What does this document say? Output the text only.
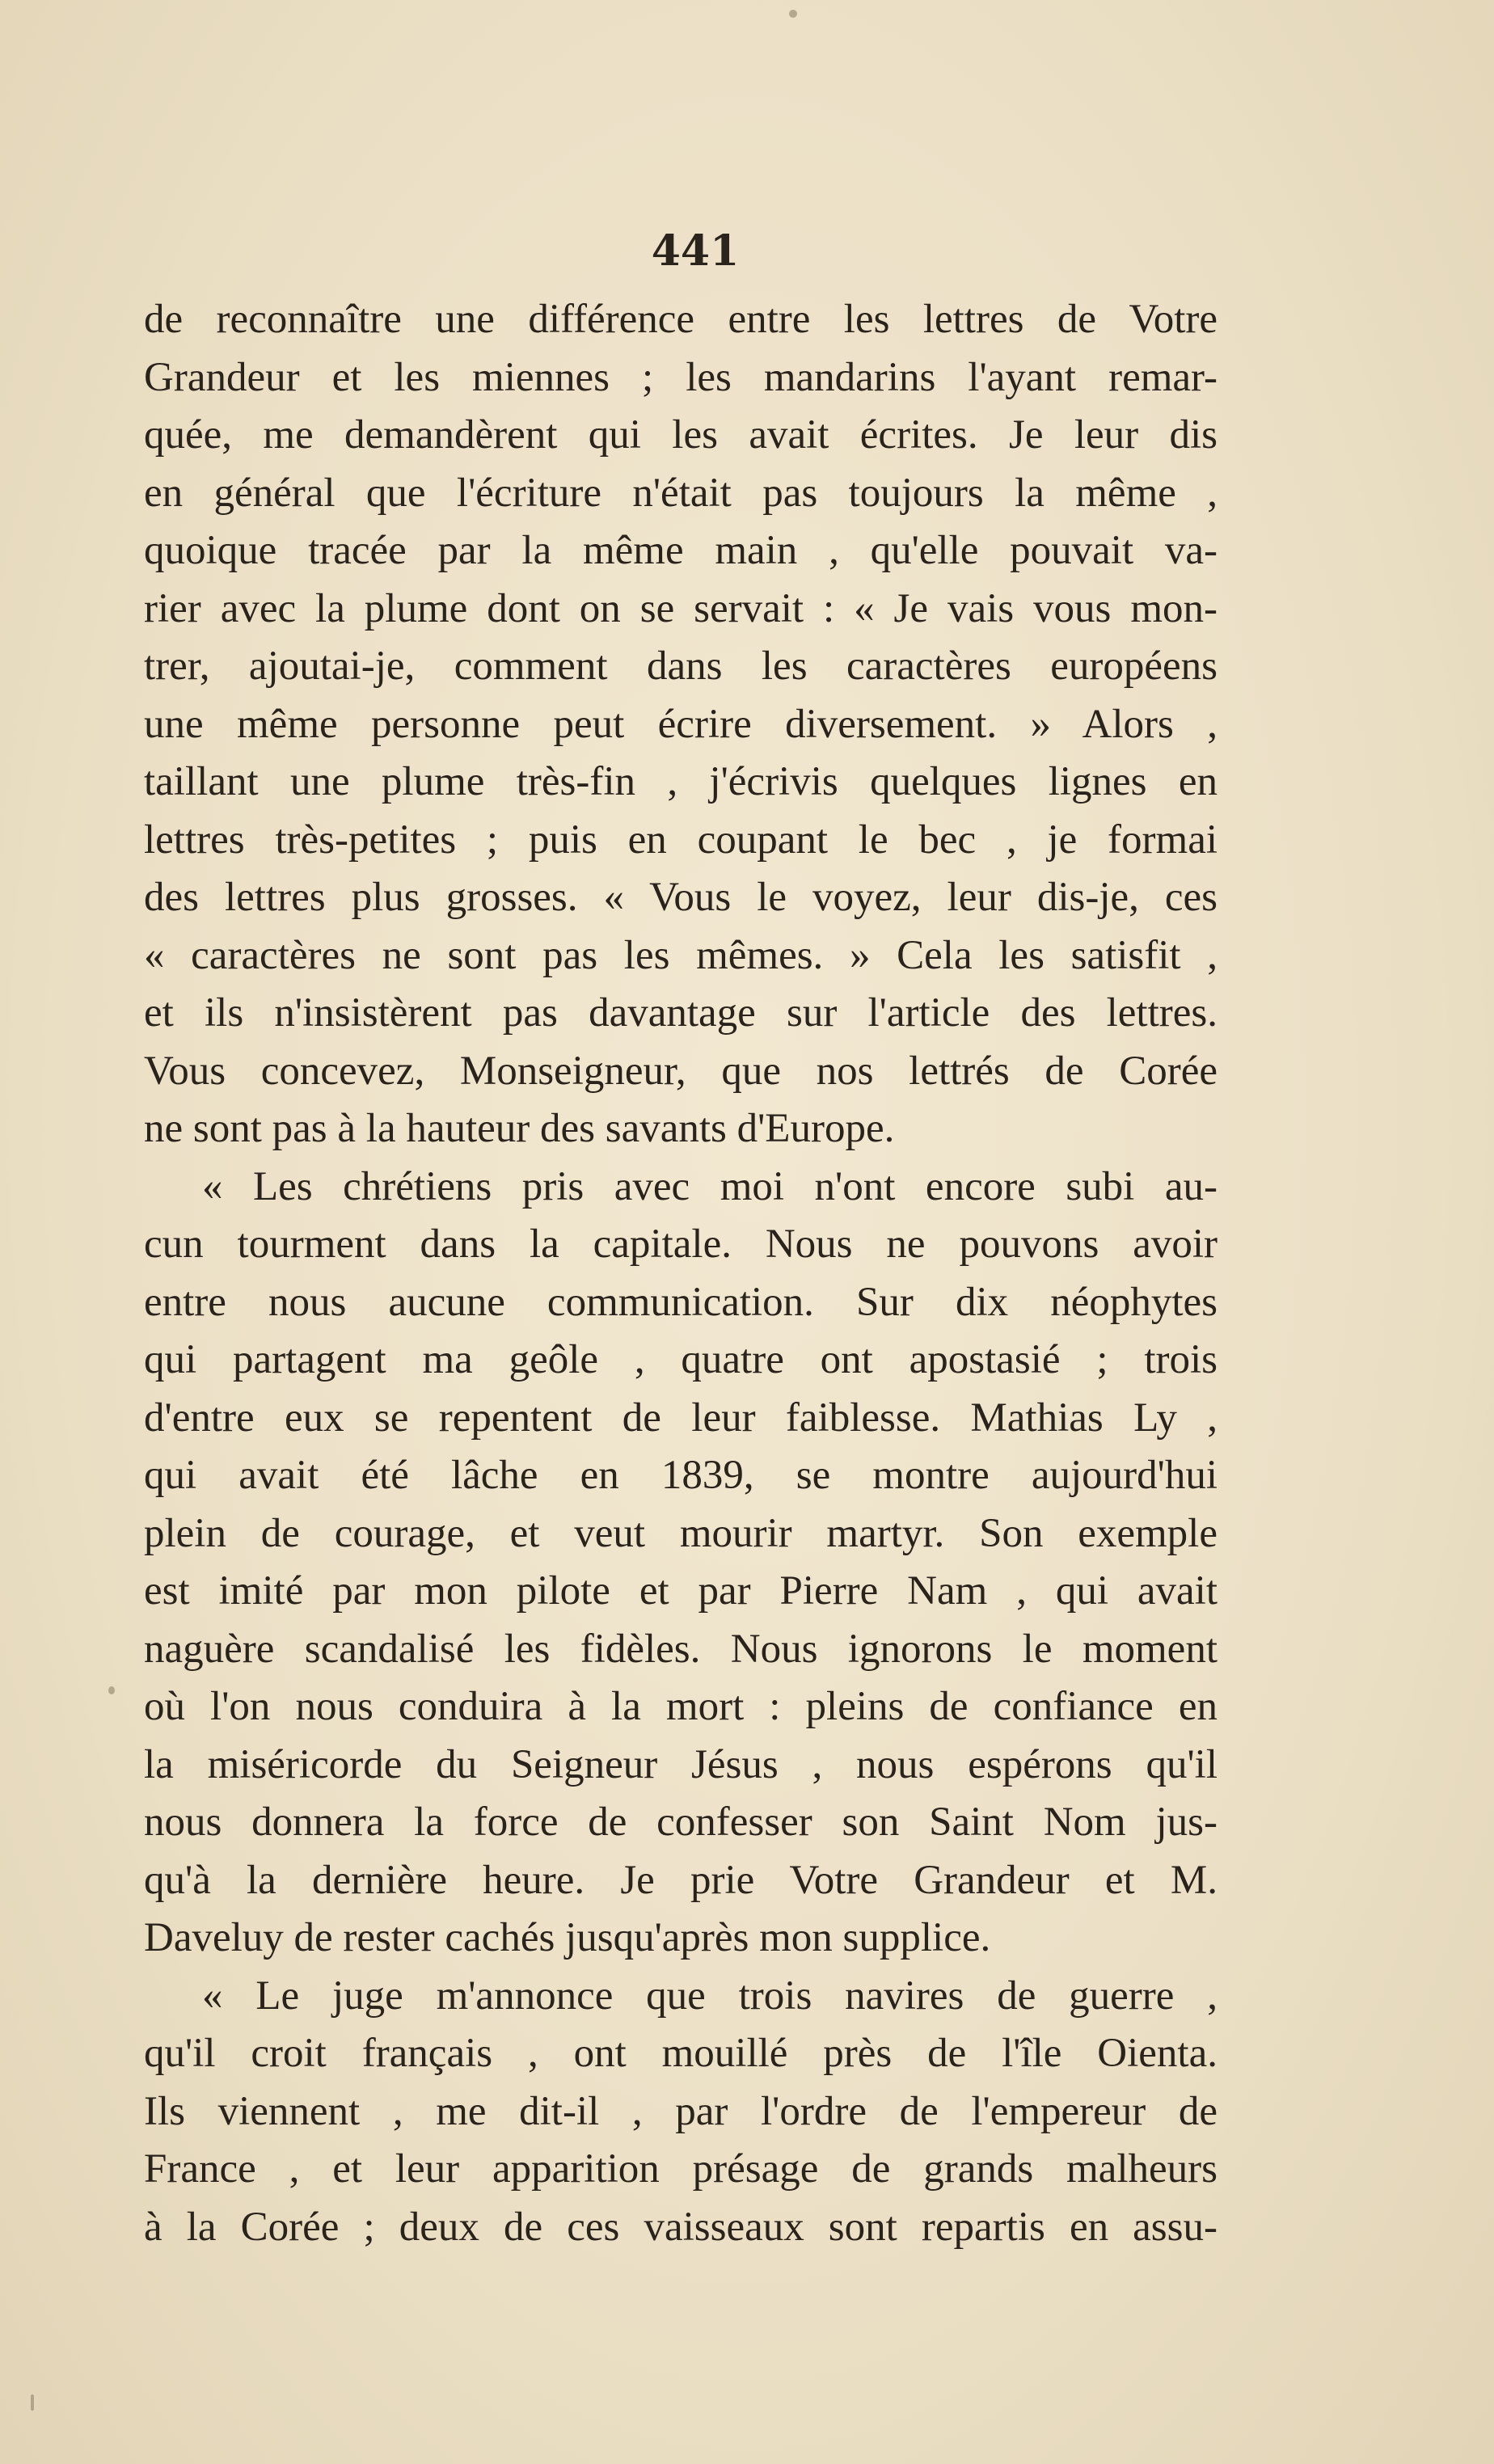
441
de reconnaître une différence entre les lettres de Votre
Grandeur et les miennes ; les mandarins l'ayant remar-
quée, me demandèrent qui les avait écrites. Je leur dis
en général que l'écriture n'était pas toujours la même ,
quoique tracée par la même main , qu'elle pouvait va-
rier avec la plume dont on se servait : « Je vais vous mon-
trer, ajoutai-je, comment dans les caractères européens
une même personne peut écrire diversement. » Alors ,
taillant une plume très-fin , j'écrivis quelques lignes en
lettres très-petites ; puis en coupant le bec , je formai
des lettres plus grosses. « Vous le voyez, leur dis-je, ces
« caractères ne sont pas les mêmes. » Cela les satisfit ,
et ils n'insistèrent pas davantage sur l'article des lettres.
Vous concevez, Monseigneur, que nos lettrés de Corée
ne sont pas à la hauteur des savants d'Europe.
« Les chrétiens pris avec moi n'ont encore subi au-
cun tourment dans la capitale. Nous ne pouvons avoir
entre nous aucune communication. Sur dix néophytes
qui partagent ma geôle , quatre ont apostasié ; trois
d'entre eux se repentent de leur faiblesse. Mathias Ly ,
qui avait été lâche en 1839, se montre aujourd'hui
plein de courage, et veut mourir martyr. Son exemple
est imité par mon pilote et par Pierre Nam , qui avait
naguère scandalisé les fidèles. Nous ignorons le moment
où l'on nous conduira à la mort : pleins de confiance en
la miséricorde du Seigneur Jésus , nous espérons qu'il
nous donnera la force de confesser son Saint Nom jus-
qu'à la dernière heure. Je prie Votre Grandeur et M.
Daveluy de rester cachés jusqu'après mon supplice.
« Le juge m'annonce que trois navires de guerre ,
qu'il croit français , ont mouillé près de l'île Oienta.
Ils viennent , me dit-il , par l'ordre de l'empereur de
France , et leur apparition présage de grands malheurs
à la Corée ; deux de ces vaisseaux sont repartis en assu-
